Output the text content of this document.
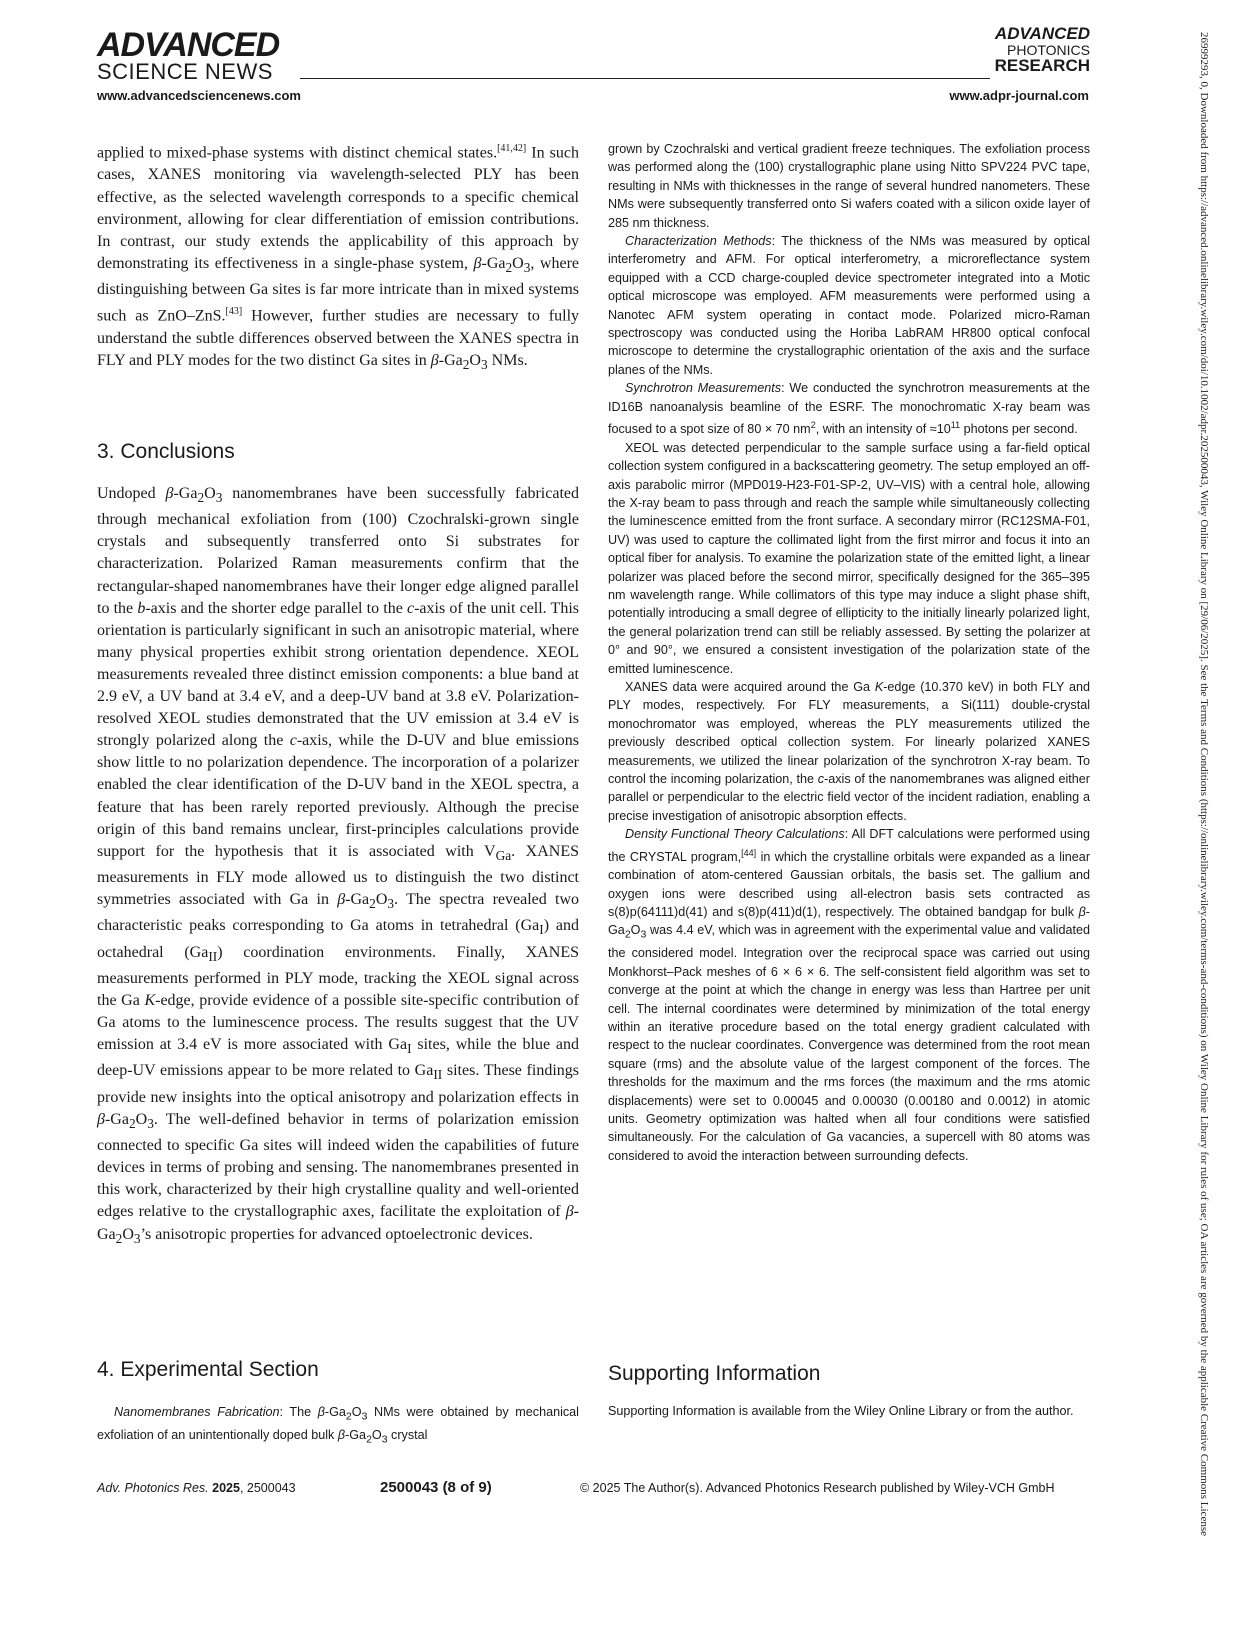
ADVANCED
SCIENCE NEWS
ADVANCED
PHOTONICS
RESEARCH
www.advancedsciencenews.com	www.adpr-journal.com	26999293, 0, Downloaded from https://advanced.onlinelibrary.wiley.com/doi/10.1002/adpr.202500043, Wiley Online Library on [29/06/2025]. See the Terms and Conditions (https://onlinelibrary.wiley.com/terms-and-conditions) on Wiley Online Library for rules of use; OA articles are governed by the applicable Creative Commons License

applied to mixed-phase systems with distinct chemical states.[41,42] In such cases, XANES monitoring via wavelength-selected PLY has been effective, as the selected wavelength corresponds to a specific chemical environment, allowing for clear differentiation of emission contributions. In contrast, our study extends the applicability of this approach by demonstrating its effectiveness in a single-phase system, $\beta-Ga_2O_3$, where distinguishing between Ga sites is far more intricate than in mixed systems such as ZnO–ZnS.[43] However, further studies are necessary to fully understand the subtle differences observed between the XANES spectra in FLY and PLY modes for the two distinct Ga sites in $\beta-Ga_2O_3$ NMs.

3. Conclusions

Undoped $\beta-Ga_2O_3$ nanomembranes have been successfully fabricated through mechanical exfoliation from (100) Czochralski-grown single crystals and subsequently transferred onto Si substrates for characterization. Polarized Raman measurements confirm that the rectangular-shaped nanomembranes have their longer edge aligned parallel to the b-axis and the shorter edge parallel to the c-axis of the unit cell. This orientation is particularly significant in such an anisotropic material, where many physical properties exhibit strong orientation dependence. XEOL measurements revealed three distinct emission components: a blue band at 2.9 eV, a UV band at 3.4 eV, and a deep-UV band at 3.8 eV. Polarization-resolved XEOL studies demonstrated that the UV emission at 3.4 eV is strongly polarized along the c-axis, while the D-UV and blue emissions show little to no polarization dependence. The incorporation of a polarizer enabled the clear identification of the D-UV band in the XEOL spectra, a feature that has been rarely reported previously. Although the precise origin of this band remains unclear, first-principles calculations provide support for the hypothesis that it is associated with $V_{Ga}$. XANES measurements in FLY mode allowed us to distinguish the two distinct symmetries associated with Ga in $\beta-Ga_2O_3$. The spectra revealed two characteristic peaks corresponding to Ga atoms in tetrahedral $(Ga_I)$ and octahedral $(Ga_{II})$ coordination environments. Finally, XANES measurements performed in PLY mode, tracking the XEOL signal across the Ga K-edge, provide evidence of a possible site-specific contribution of Ga atoms to the luminescence process. The results suggest that the UV emission at 3.4 eV is more associated with $Ga_I$ sites, while the blue and deep-UV emissions appear to be more related to $Ga_{II}$ sites. These findings provide new insights into the optical anisotropy and polarization effects in $\beta-Ga_2O_3$. The well-defined behavior in terms of polarization emission connected to specific Ga sites will indeed widen the capabilities of future devices in terms of probing and sensing. The nanomembranes presented in this work, characterized by their high crystalline quality and well-oriented edges relative to the crystallographic axes, facilitate the exploitation of $\beta-Ga_2O_3’s$ anisotropic properties for advanced optoelectronic devices.

4. Experimental Section

Nanomembranes Fabrication: The $\beta-Ga_2O_3$ NMs were obtained by mechanical exfoliation of an unintentionally doped bulk $\beta-Ga_2O_3$ crystal

grown by Czochralski and vertical gradient freeze techniques. The exfoliation process was performed along the (100) crystallographic plane using Nitto SPV224 PVC tape, resulting in NMs with thicknesses in the range of several hundred nanometers. These NMs were subsequently transferred onto Si wafers coated with a silicon oxide layer of 285 nm thickness.

Characterization Methods: The thickness of the NMs was measured by optical interferometry and AFM. For optical interferometry, a microreflectance system equipped with a CCD charge-coupled device spectrometer integrated into a Motic optical microscope was employed. AFM measurements were performed using a Nanotec AFM system operating in contact mode. Polarized micro-Raman spectroscopy was conducted using the Horiba LabRAM HR800 optical confocal microscope to determine the crystallographic orientation of the axis and the surface planes of the NMs.

Synchrotron Measurements: We conducted the synchrotron measurements at the ID16B nanoanalysis beamline of the ESRF. The monochromatic X-ray beam was focused to a spot size of 80 × 70 $nm^2$, with an intensity of $\approx 10^{11}$ photons per second.

XEOL was detected perpendicular to the sample surface using a far-field optical collection system configured in a backscattering geometry. The setup employed an off-axis parabolic mirror (MPD019-H23-F01-SP-2, UV–VIS) with a central hole, allowing the X-ray beam to pass through and reach the sample while simultaneously collecting the luminescence emitted from the front surface. A secondary mirror (RC12SMA-F01, UV) was used to capture the collimated light from the first mirror and focus it into an optical fiber for analysis. To examine the polarization state of the emitted light, a linear polarizer was placed before the second mirror, specifically designed for the 365–395 nm wavelength range. While collimators of this type may induce a slight phase shift, potentially introducing a small degree of ellipticity to the initially linearly polarized light, the general polarization trend can still be reliably assessed. By setting the polarizer at 0° and 90°, we ensured a consistent investigation of the polarization state of the emitted luminescence.

XANES data were acquired around the Ga K-edge (10.370 keV) in both FLY and PLY modes, respectively. For FLY measurements, a Si(111) double-crystal monochromator was employed, whereas the PLY measurements utilized the previously described optical collection system. For linearly polarized XANES measurements, we utilized the linear polarization of the synchrotron X-ray beam. To control the incoming polarization, the c-axis of the nanomembranes was aligned either parallel or perpendicular to the electric field vector of the incident radiation, enabling a precise investigation of anisotropic absorption effects.

Density Functional Theory Calculations: All DFT calculations were performed using the CRYSTAL program,[44] in which the crystalline orbitals were expanded as a linear combination of atom-centered Gaussian orbitals, the basis set. The gallium and oxygen ions were described using all-electron basis sets contracted as s(8)p(64111)d(41) and s(8)p(411)d(1), respectively. The obtained bandgap for bulk $\beta-Ga_2O_3$ was 4.4 eV, which was in agreement with the experimental value and validated the considered model. Integration over the reciprocal space was carried out using Monkhorst–Pack meshes of 6 × 6 × 6. The self-consistent field algorithm was set to converge at the point at which the change in energy was less than Hartree per unit cell. The internal coordinates were determined by minimization of the total energy within an iterative procedure based on the total energy gradient calculated with respect to the nuclear coordinates. Convergence was determined from the root mean square (rms) and the absolute value of the largest component of the forces. The thresholds for the maximum and the rms forces (the maximum and the rms atomic displacements) were set to 0.00045 and 0.00030 (0.00180 and 0.0012) in atomic units. Geometry optimization was halted when all four conditions were satisfied simultaneously. For the calculation of Ga vacancies, a supercell with 80 atoms was considered to avoid the interaction between surrounding defects.

Supporting Information

Supporting Information is available from the Wiley Online Library or from the author.

Adv. Photonics Res. 2025, 2500043	2500043 (8 of 9)	© 2025 The Author(s). Advanced Photonics Research published by Wiley-VCH GmbH
